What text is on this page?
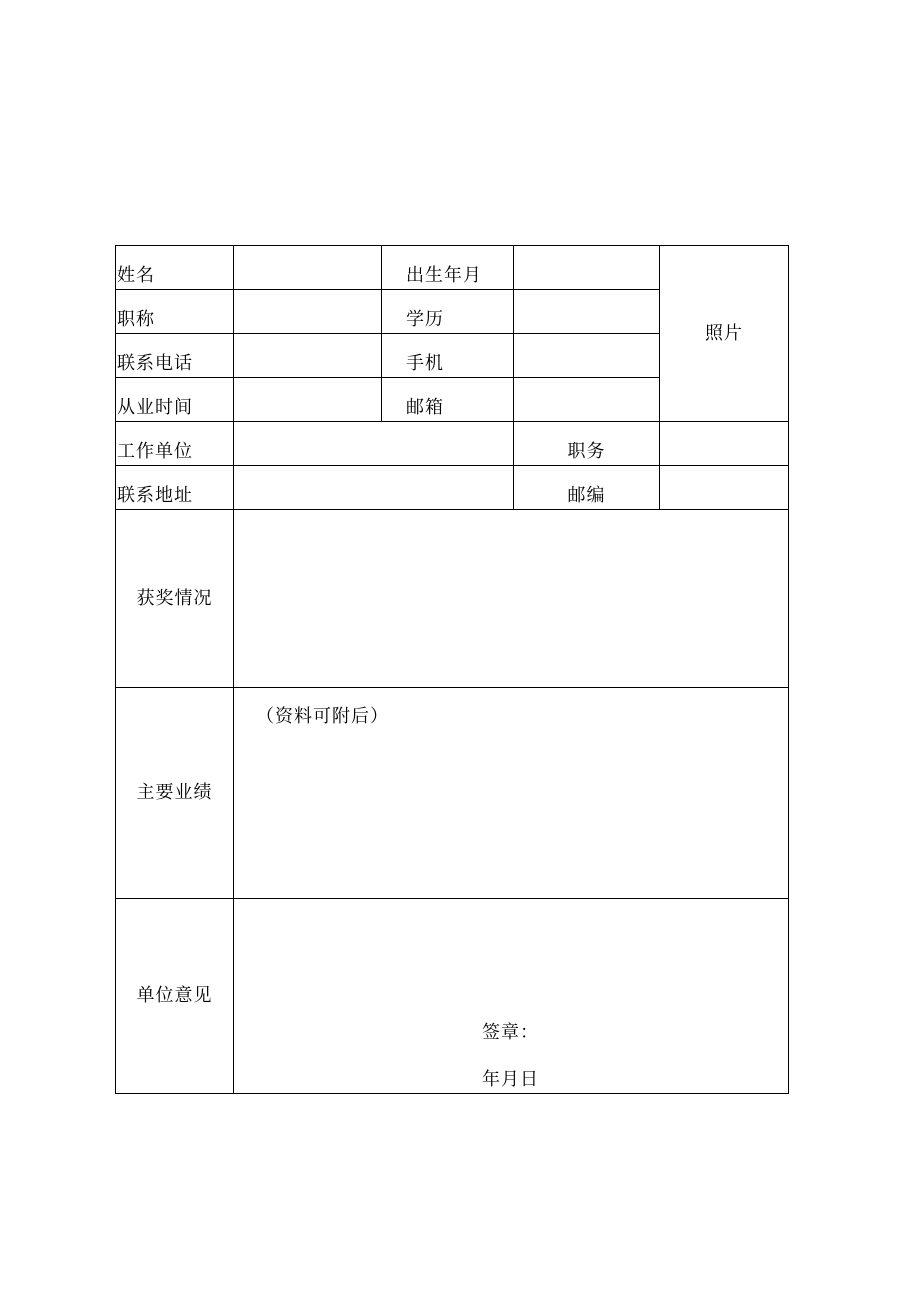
姓名		出生年月		照片
职称		学历		
联系电话		手机		
从业时间		邮箱		
工作单位			职务	
联系地址			邮编	
获奖情况				
主要业绩	（资料可附后）			
单位意见	签章：
年月日			
